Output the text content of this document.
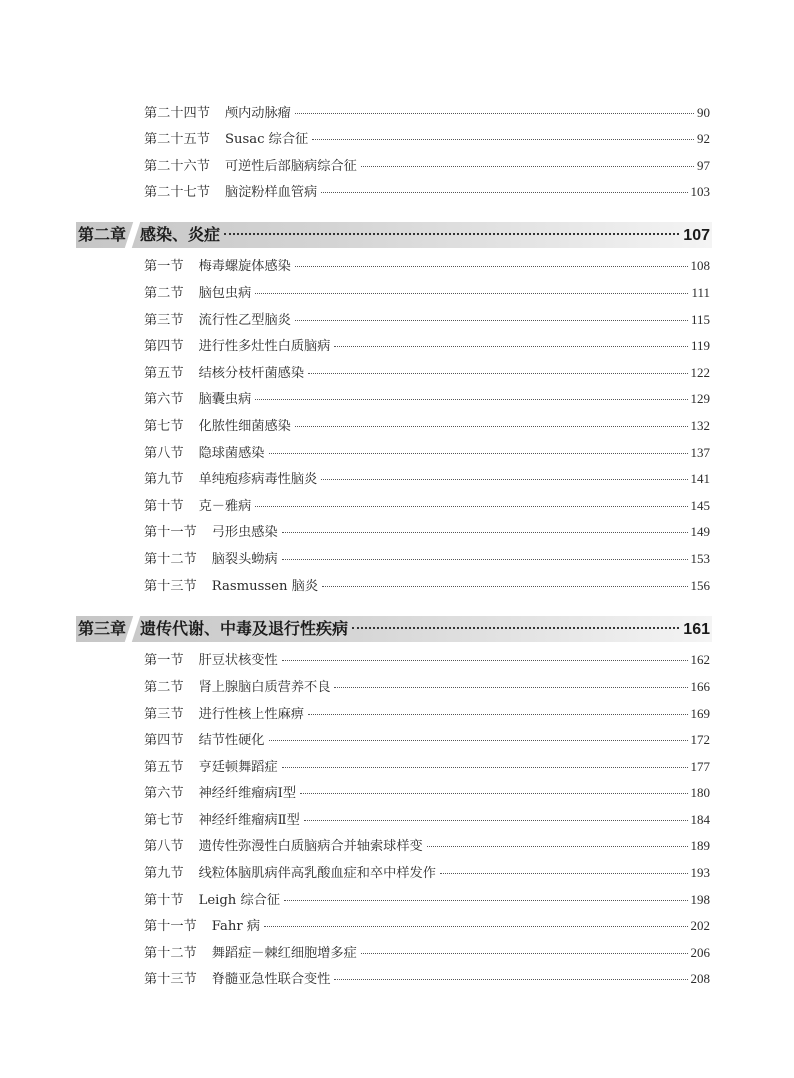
第二十四节 颅内动脉瘤	90
第二十五节 Susac 综合征	92
第二十六节 可逆性后部脑病综合征	97
第二十七节 脑淀粉样血管病	103
第二章 感染、炎症	107
第一节 梅毒螺旋体感染	108
第二节 脑包虫病	111
第三节 流行性乙型脑炎	115
第四节 进行性多灶性白质脑病	119
第五节 结核分枝杆菌感染	122
第六节 脑囊虫病	129
第七节 化脓性细菌感染	132
第八节 隐球菌感染	137
第九节 单纯疱疹病毒性脑炎	141
第十节 克－雅病	145
第十一节 弓形虫感染	149
第十二节 脑裂头蚴病	153
第十三节 Rasmussen 脑炎	156
第三章 遗传代谢、中毒及退行性疾病	161
第一节 肝豆状核变性	162
第二节 肾上腺脑白质营养不良	166
第三节 进行性核上性麻痹	169
第四节 结节性硬化	172
第五节 亨廷顿舞蹈症	177
第六节 神经纤维瘤病Ⅰ型	180
第七节 神经纤维瘤病Ⅱ型	184
第八节 遗传性弥漫性白质脑病合并轴索球样变	189
第九节 线粒体脑肌病伴高乳酸血症和卒中样发作	193
第十节 Leigh 综合征	198
第十一节 Fahr 病	202
第十二节 舞蹈症－棘红细胞增多症	206
第十三节 脊髓亚急性联合变性	208
